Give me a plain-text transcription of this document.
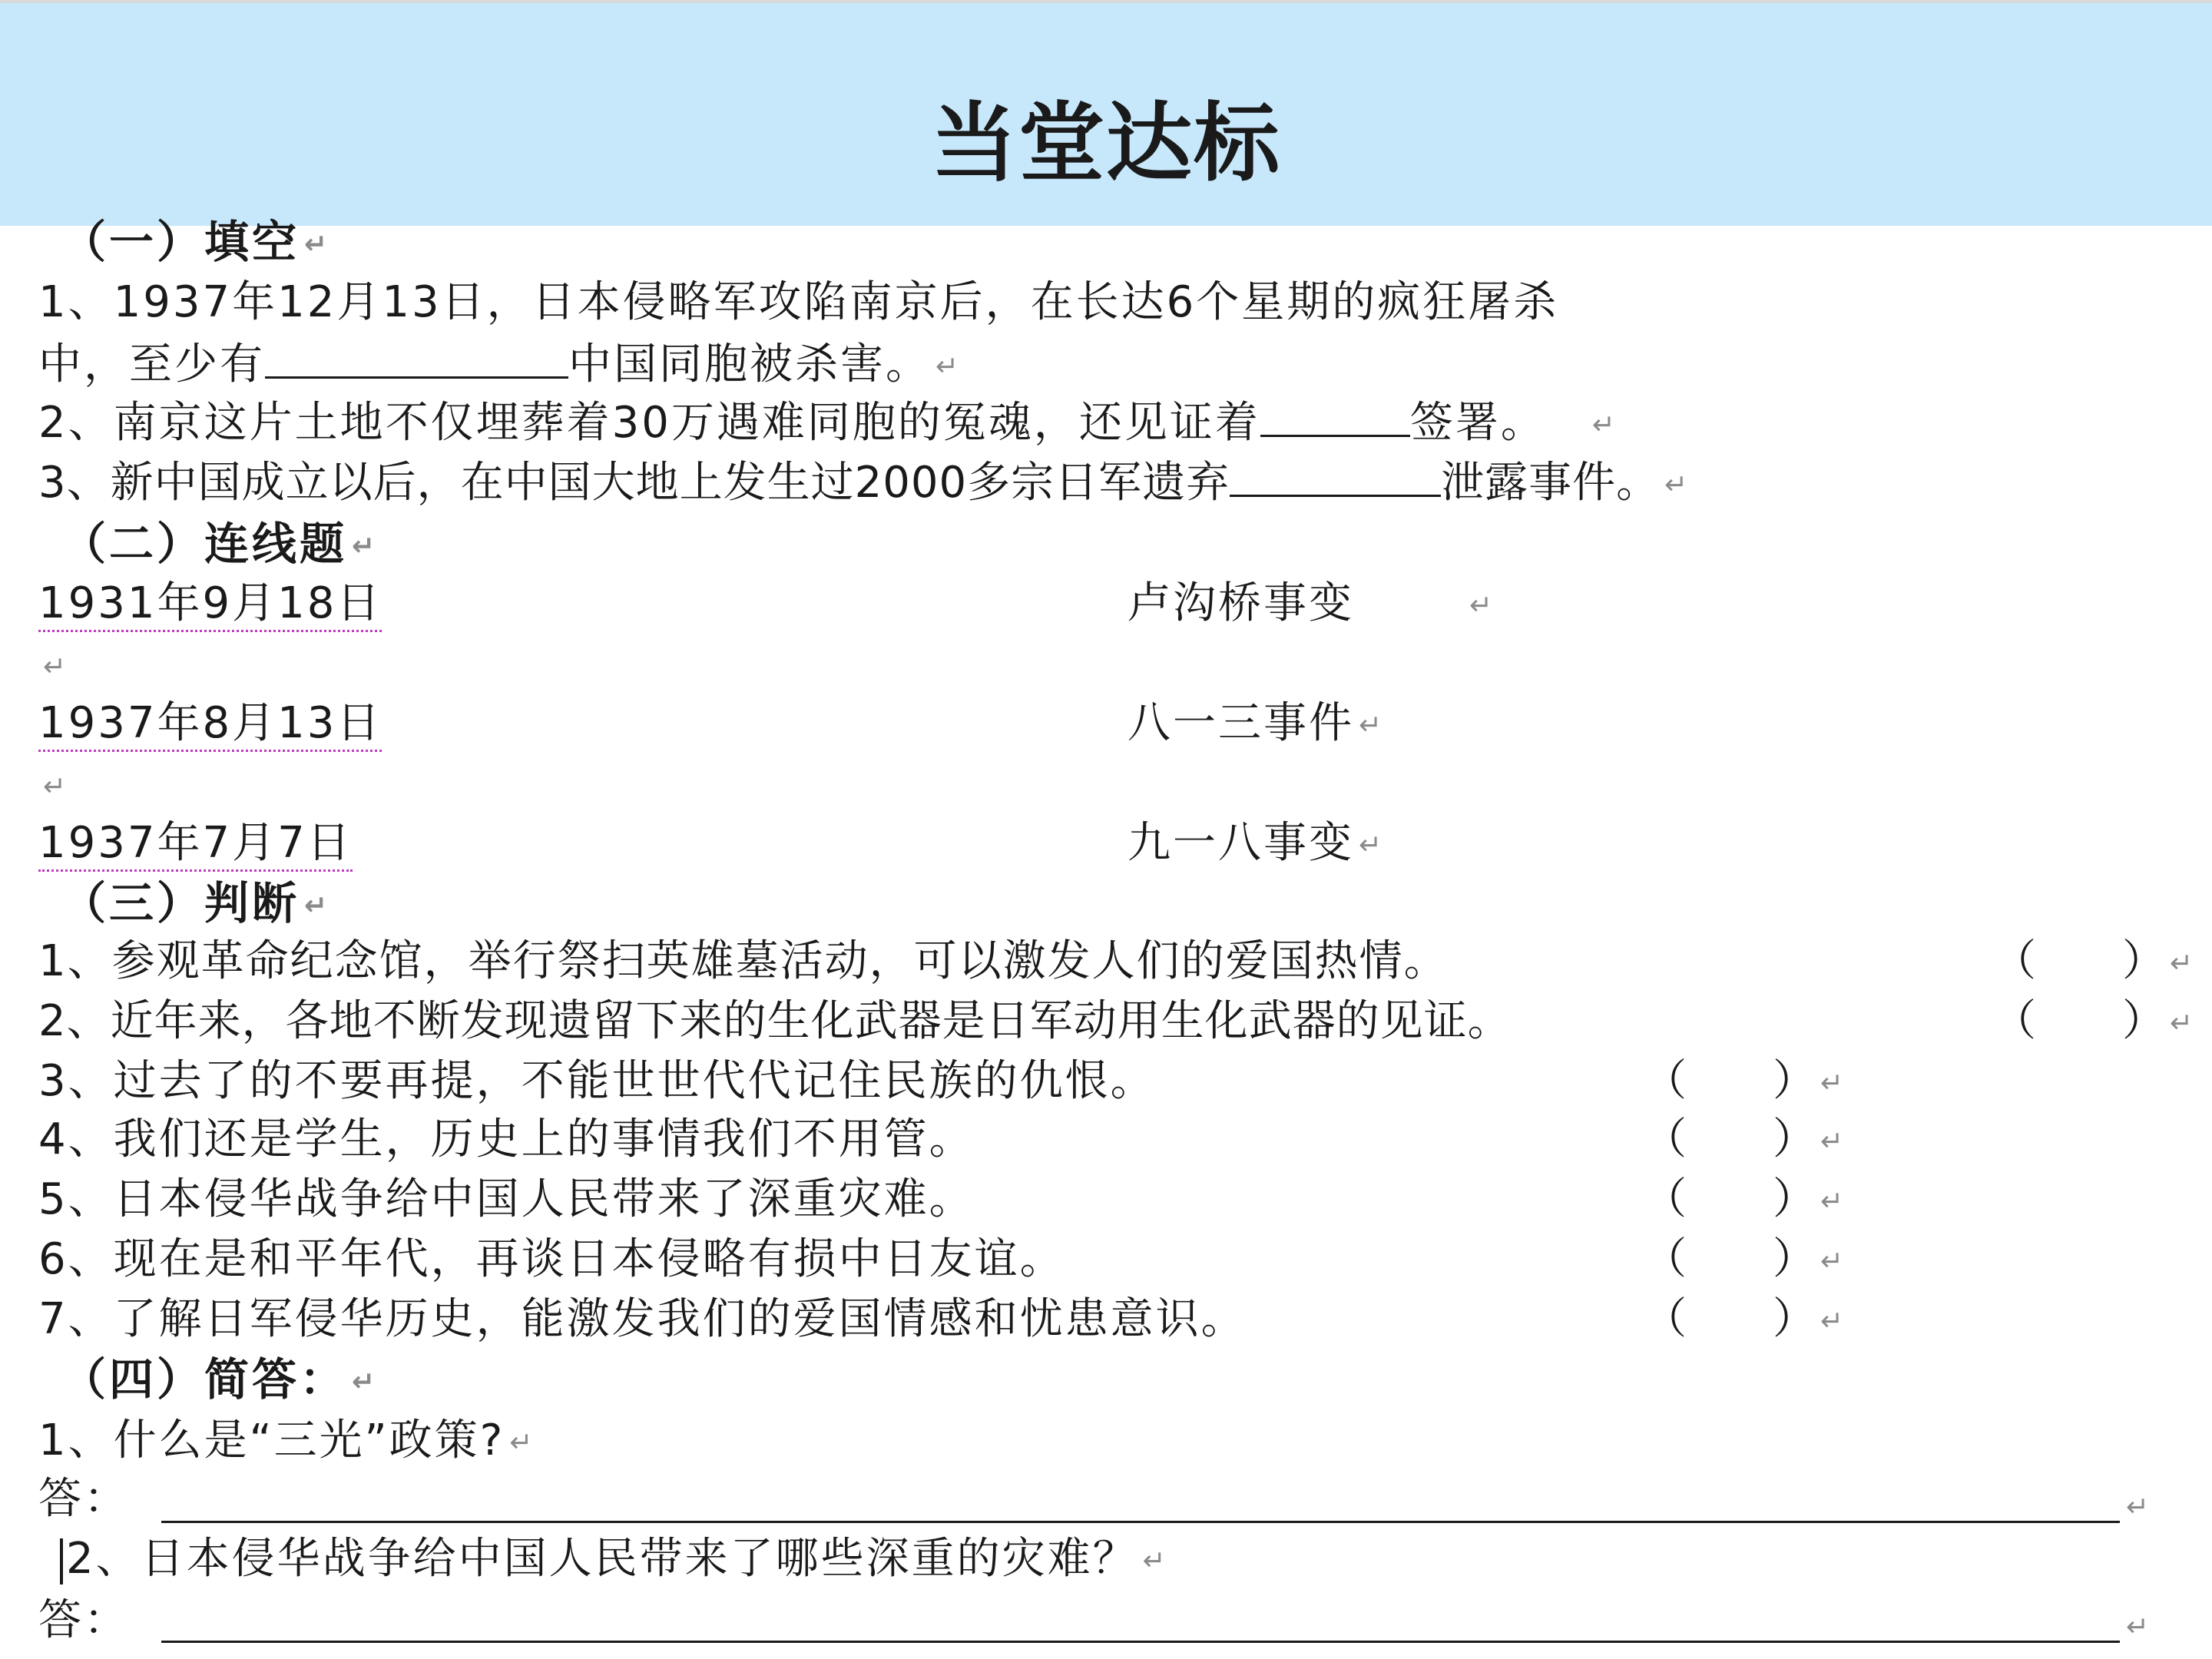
当堂达标
（一）填空 ↵
1、1937年12月13日，日本侵略军攻陷南京后，在长达6个星期的疯狂屠杀
中，至少有	中国同胞被杀害。 ↵
2、南京这片土地不仅埋葬着30万遇难同胞的冤魂，还见证着	签署。 ↵
3、新中国成立以后，在中国大地上发生过2000多宗日军遗弃	泄露事件。 ↵
（二）连线题 ↵
1931年9月18日	卢沟桥事变	↵
↵
1937年8月13日	八一三事件 ↵
↵
1937年7月7日	九一八事变 ↵
（三）判断 ↵
1、参观革命纪念馆，举行祭扫英雄墓活动，可以激发人们的爱国热情。	（　　） ↵
2、近年来，各地不断发现遗留下来的生化武器是日军动用生化武器的见证。	（　　） ↵
3、过去了的不要再提，不能世世代代记住民族的仇恨。	（　　） ↵
4、我们还是学生，历史上的事情我们不用管。	（　　） ↵
5、日本侵华战争给中国人民带来了深重灾难。	（　　） ↵
6、现在是和平年代，再谈日本侵略有损中日友谊。	（　　） ↵
7、了解日军侵华历史，能激发我们的爱国情感和忧患意识。	（　　） ↵
（四）简答： ↵
1、什么是“三光”政策? ↵
答：	↵
2、日本侵华战争给中国人民带来了哪些深重的灾难？ ↵
答：	↵
